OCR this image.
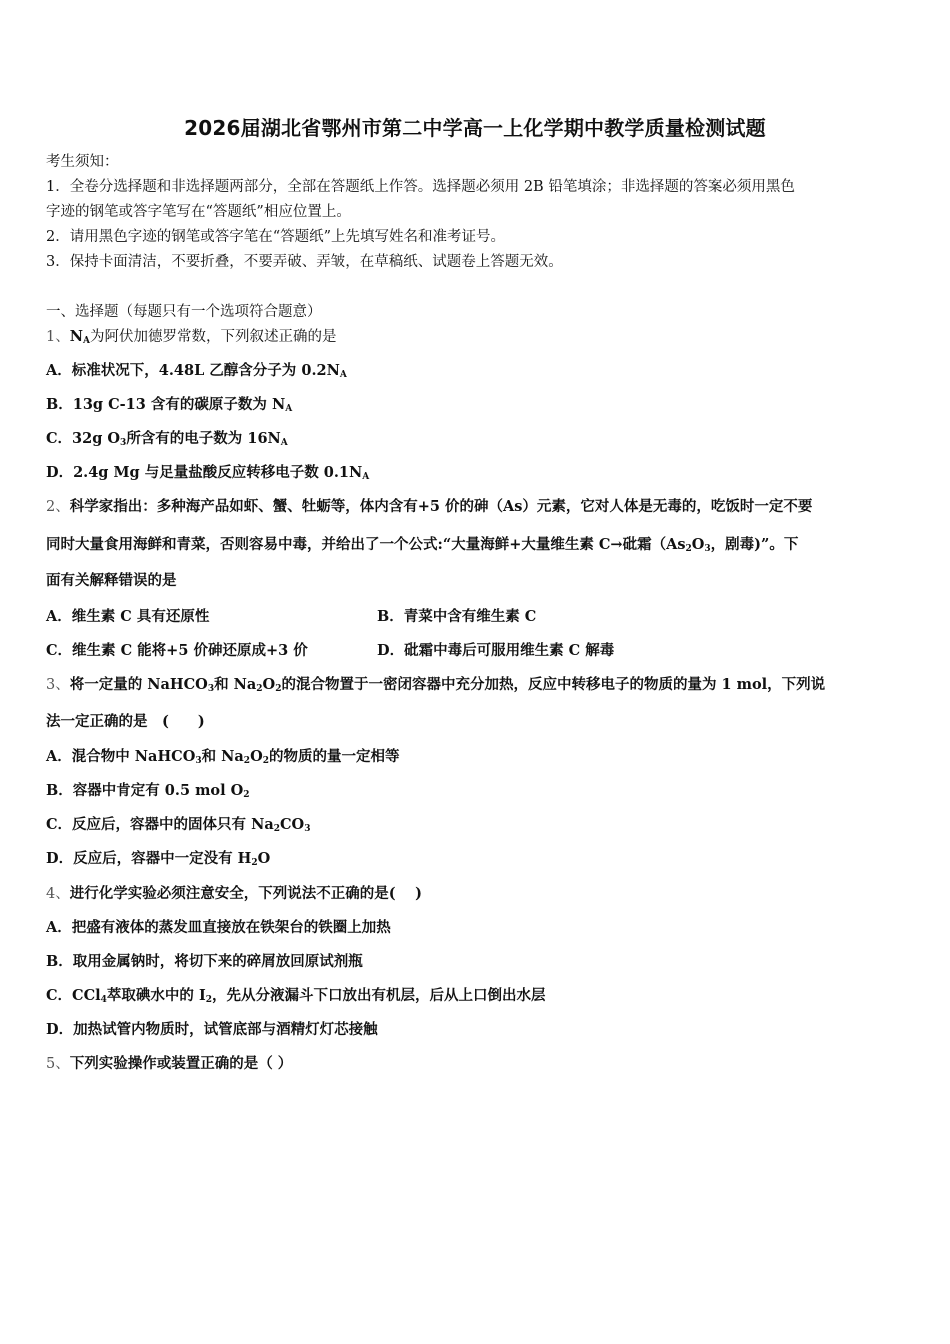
2026届湖北省鄂州市第二中学高一上化学期中教学质量检测试题
考生须知：
1．全卷分选择题和非选择题两部分，全部在答题纸上作答。选择题必须用 2B 铅笔填涂；非选择题的答案必须用黑色
字迹的钢笔或答字笔写在“答题纸”相应位置上。
2．请用黑色字迹的钢笔或答字笔在“答题纸”上先填写姓名和准考证号。
3．保持卡面清洁，不要折叠，不要弄破、弄皱，在草稿纸、试题卷上答题无效。
一、选择题（每题只有一个选项符合题意）
1、$N_A$为阿伏加德罗常数，下列叙述正确的是
A．标准状况下，4.48L 乙醇含分子为 $0.2N_A$
B．13g C-13 含有的碳原子数为 $N_A$
C．32g $O_3$所含有的电子数为 $16N_A$
D．2.4g Mg 与足量盐酸反应转移电子数 $0.1N_A$
2、科学家指出：多种海产品如虾、蟹、牡蛎等，体内含有+5 价的砷（As）元素，它对人体是无毒的，吃饭时一定不要
同时大量食用海鲜和青菜，否则容易中毒，并给出了一个公式:“大量海鲜+大量维生素 C→砒霜（$As_2O_3$，剧毒)”。下
面有关解释错误的是
A．维生素 C 具有还原性	B．青菜中含有维生素 C
C．维生素 C 能将+5 价砷还原成+3 价	D．砒霜中毒后可服用维生素 C 解毒
3、将一定量的 NaHCO$_3$和 $Na_2O_2$的混合物置于一密闭容器中充分加热，反应中转移电子的物质的量为 1 mol，下列说
法一定正确的是　(　　)
A．混合物中 NaHCO$_3$和 $Na_2O_2$的物质的量一定相等
B．容器中肯定有 0.5 mol $O_2$
C．反应后，容器中的固体只有 $Na_2CO_3$
D．反应后，容器中一定没有 $H_2O$
4、进行化学实验必须注意安全，下列说法不正确的是(　 )
A．把盛有液体的蒸发皿直接放在铁架台的铁圈上加热
B．取用金属钠时，将切下来的碎屑放回原试剂瓶
C．CCl$_4$萃取碘水中的 $I_2$，先从分液漏斗下口放出有机层，后从上口倒出水层
D．加热试管内物质时，试管底部与酒精灯灯芯接触
5、下列实验操作或装置正确的是（ ）
